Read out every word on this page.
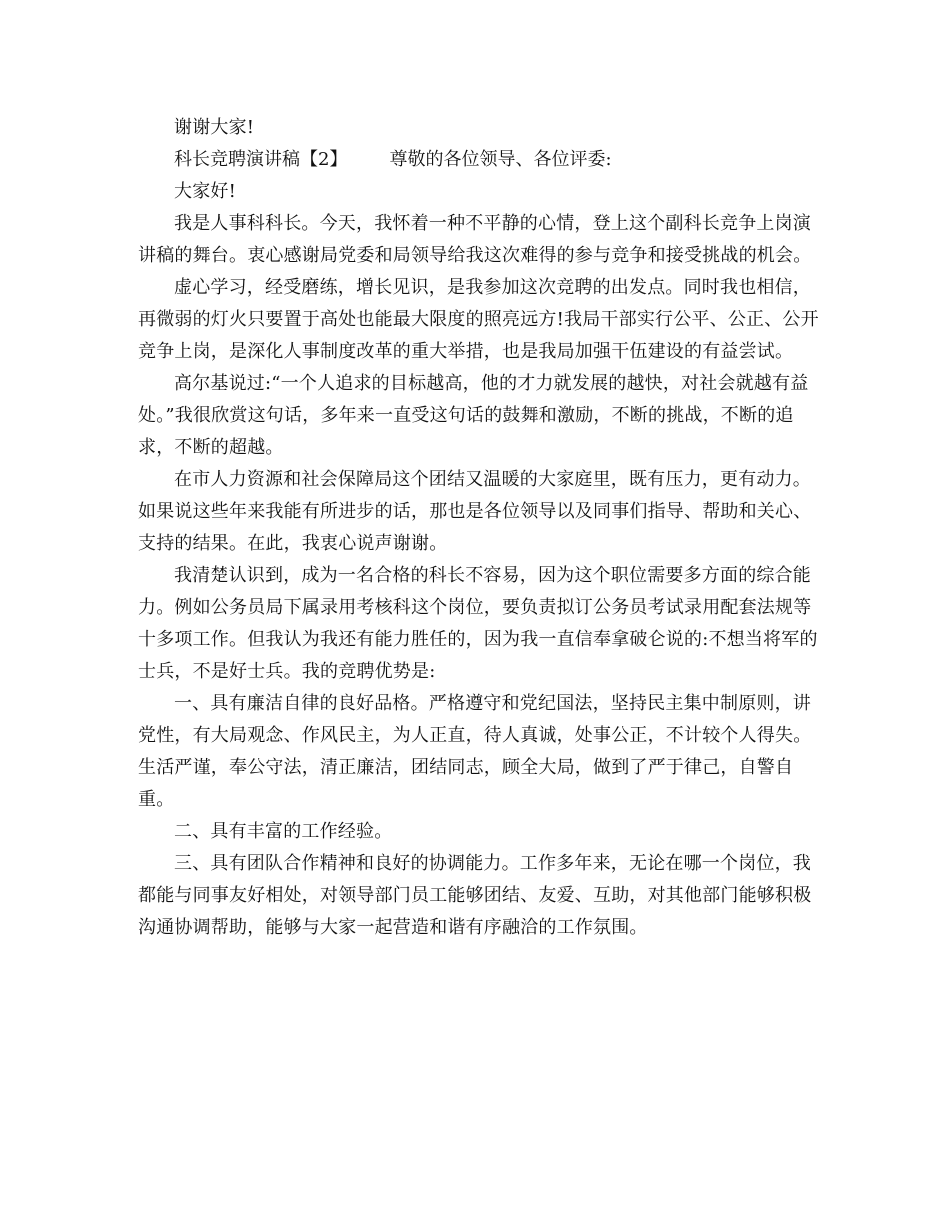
谢谢大家!

科长竞聘演讲稿【2】 尊敬的各位领导、各位评委:

大家好!

我是人事科科长。今天，我怀着一种不平静的心情，登上这个副科长竞争上岗演讲稿的舞台。衷心感谢局党委和局领导给我这次难得的参与竞争和接受挑战的机会。

虚心学习，经受磨练，增长见识，是我参加这次竞聘的出发点。同时我也相信，再微弱的灯火只要置于高处也能最大限度的照亮远方!我局干部实行公平、公正、公开竞争上岗，是深化人事制度改革的重大举措，也是我局加强干伍建设的有益尝试。

高尔基说过:“一个人追求的目标越高，他的才力就发展的越快，对社会就越有益处。”我很欣赏这句话，多年来一直受这句话的鼓舞和激励，不断的挑战，不断的追求，不断的超越。

在市人力资源和社会保障局这个团结又温暖的大家庭里，既有压力，更有动力。如果说这些年来我能有所进步的话，那也是各位领导以及同事们指导、帮助和关心、支持的结果。在此，我衷心说声谢谢。

我清楚认识到，成为一名合格的科长不容易，因为这个职位需要多方面的综合能力。例如公务员局下属录用考核科这个岗位，要负责拟订公务员考试录用配套法规等十多项工作。但我认为我还有能力胜任的，因为我一直信奉拿破仑说的:不想当将军的士兵，不是好士兵。我的竞聘优势是:

一、具有廉洁自律的良好品格。严格遵守和党纪国法，坚持民主集中制原则，讲党性，有大局观念、作风民主，为人正直，待人真诚，处事公正，不计较个人得失。生活严谨，奉公守法，清正廉洁，团结同志，顾全大局，做到了严于律己，自警自重。

二、具有丰富的工作经验。

三、具有团队合作精神和良好的协调能力。工作多年来，无论在哪一个岗位，我都能与同事友好相处，对领导部门员工能够团结、友爱、互助，对其他部门能够积极沟通协调帮助，能够与大家一起营造和谐有序融洽的工作氛围。
